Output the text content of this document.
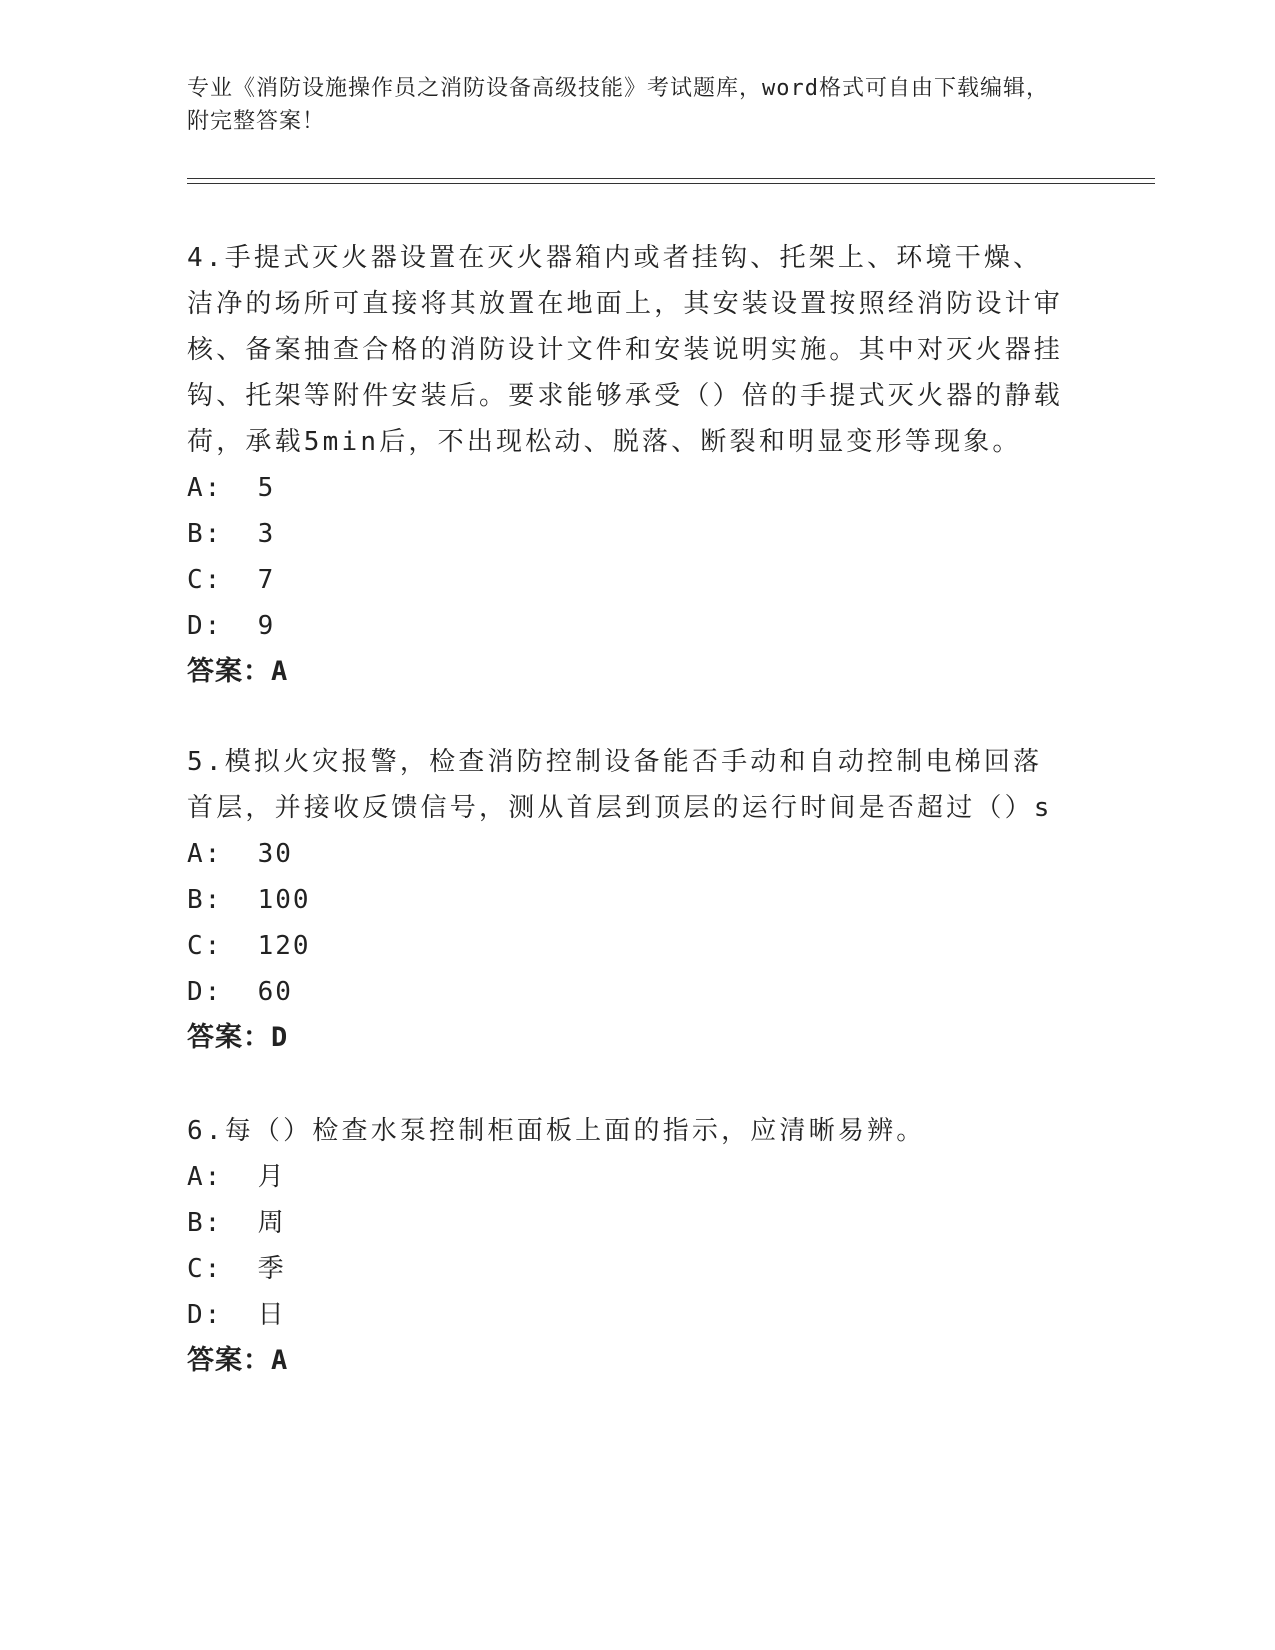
专业《消防设施操作员之消防设备高级技能》考试题库，word格式可自由下载编辑，附完整答案！

4.手提式灭火器设置在灭火器箱内或者挂钩、托架上、环境干燥、洁净的场所可直接将其放置在地面上，其安装设置按照经消防设计审核、备案抽查合格的消防设计文件和安装说明实施。其中对灭火器挂钩、托架等附件安装后。要求能够承受（）倍的手提式灭火器的静载荷，承载5min后，不出现松动、脱落、断裂和明显变形等现象。

A:  5

B:  3

C:  7

D:  9

答案：A

5.模拟火灾报警，检查消防控制设备能否手动和自动控制电梯回落首层，并接收反馈信号，测从首层到顶层的运行时间是否超过（）s

A:  30

B:  100

C:  120

D:  60

答案：D

6.每（）检查水泵控制柜面板上面的指示，应清晰易辨。

A:  月

B:  周

C:  季

D:  日

答案：A
